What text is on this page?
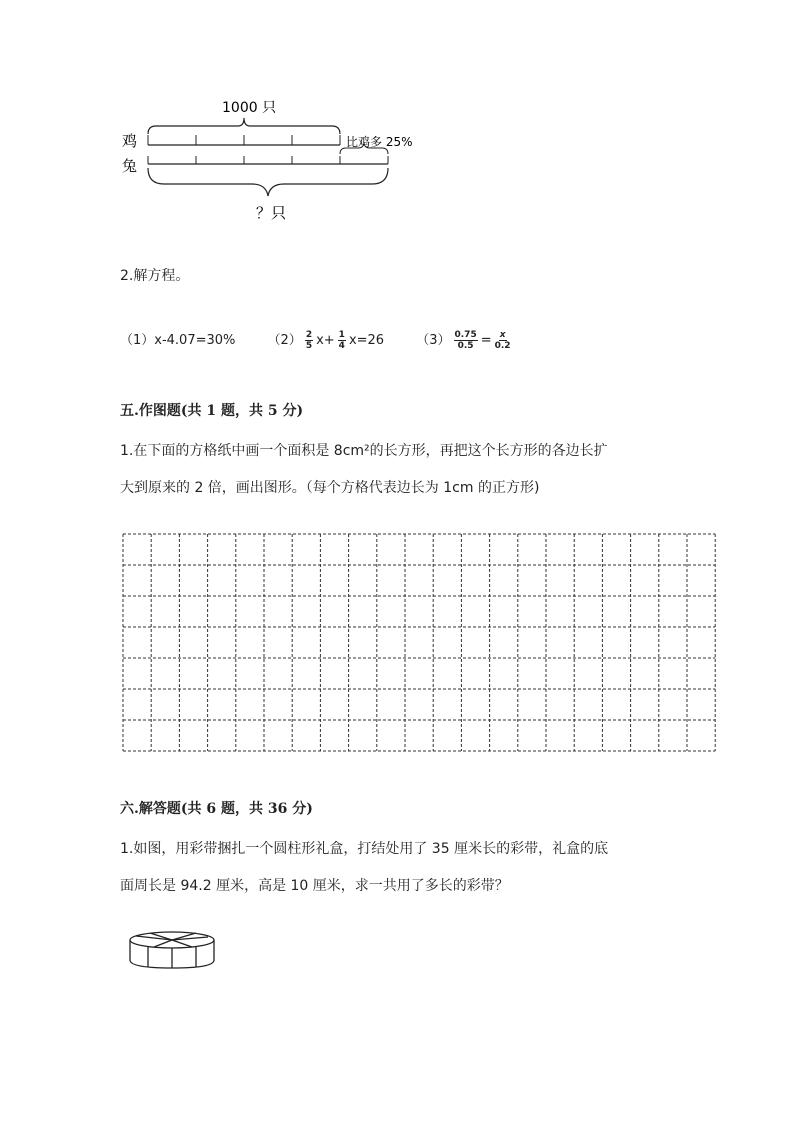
1000 只
鸡
兔
比鸡多 25%
？只
2.解方程。
（1）x-4.07=30% $(2) \frac{2}{5} x+ \frac{1}{4} x=26$ $(3) \frac{0.75}{0.5} = \frac{x}{0.2}$
五.作图题(共 1 题，共 5 分)
1.在下面的方格纸中画一个面积是 8cm²的长方形，再把这个长方形的各边长扩
大到原来的 2 倍，画出图形。（每个方格代表边长为 1cm 的正方形)
六.解答题(共 6 题，共 36 分)
1.如图，用彩带捆扎一个圆柱形礼盒，打结处用了 35 厘米长的彩带，礼盒的底
面周长是 94.2 厘米，高是 10 厘米，求一共用了多长的彩带？
